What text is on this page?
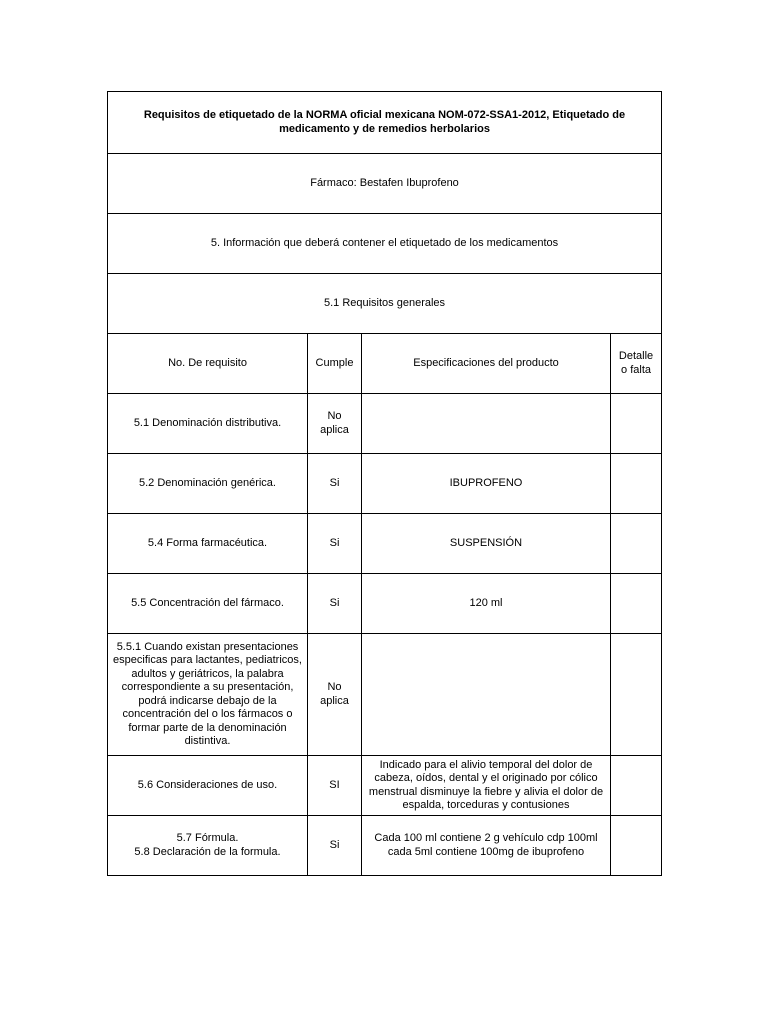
Requisitos de etiquetado de la NORMA oficial mexicana NOM-072-SSA1-2012, Etiquetado de medicamento y de remedios herbolarios			
Fármaco: Bestafen Ibuprofeno			
5. Información que deberá contener el etiquetado de los medicamentos			
5.1 Requisitos generales			
No. De requisito	Cumple	Especificaciones del producto	Detalle
o falta
5.1 Denominación distributiva.	No
aplica		
5.2 Denominación genérica.	Si	IBUPROFENO	
5.4 Forma farmacéutica.	Si	SUSPENSIÓN	
5.5 Concentración del fármaco.	Si	120 ml	
5.5.1 Cuando existan presentaciones especificas para lactantes, pediatricos, adultos y geriátricos, la palabra correspondiente a su presentación, podrá indicarse debajo de la concentración del o los fármacos o formar parte de la denominación distintiva.	No
aplica		
5.6 Consideraciones de uso.	SI	Indicado para el alivio temporal del dolor de cabeza, oídos, dental y el originado por cólico menstrual disminuye la fiebre y alivia el dolor de espalda, torceduras y contusiones	
5.7 Fórmula.
5.8 Declaración de la formula.	Si	Cada 100 ml contiene 2 g vehículo cdp 100ml
cada 5ml contiene 100mg de ibuprofeno	
